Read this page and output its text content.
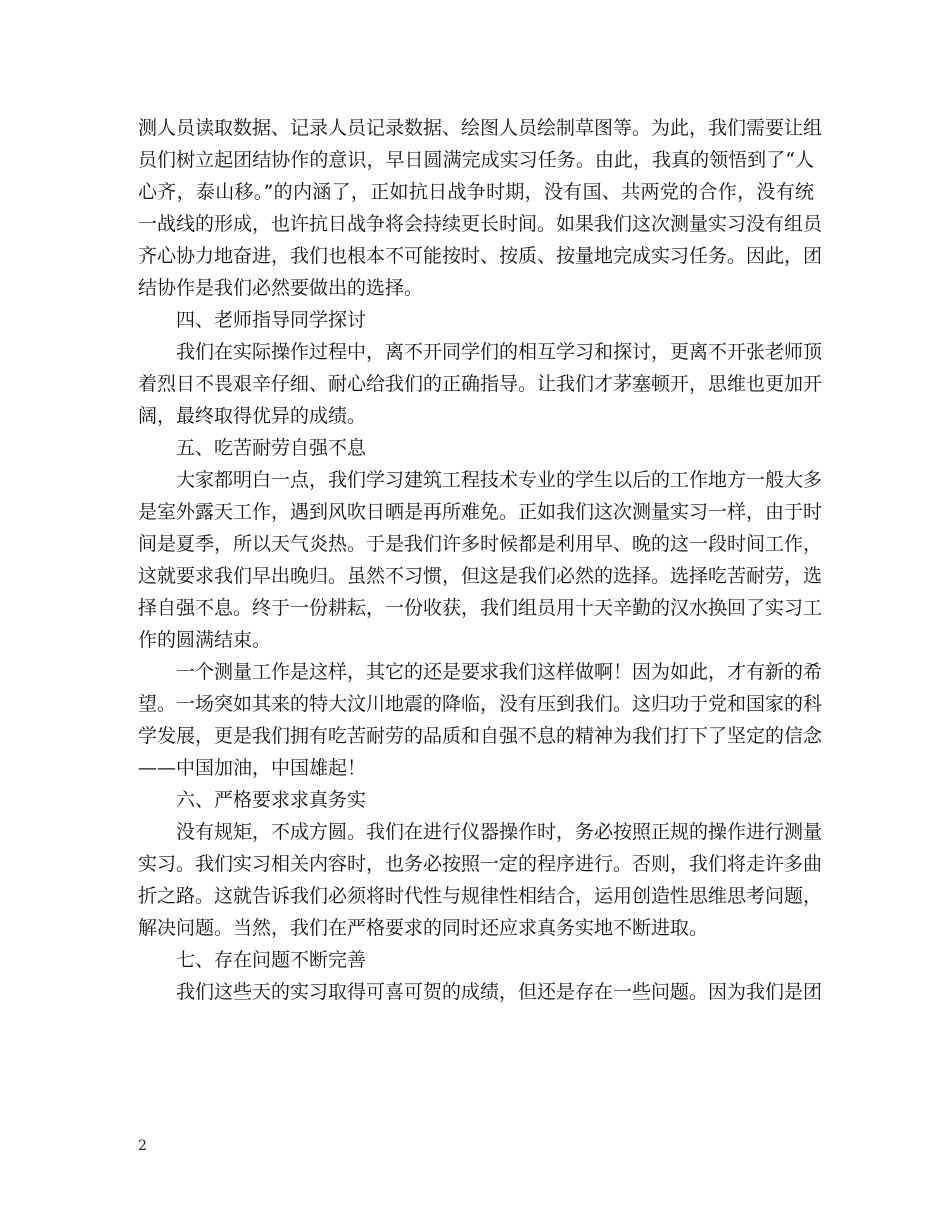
测人员读取数据、记录人员记录数据、绘图人员绘制草图等。为此，我们需要让组
员们树立起团结协作的意识，早日圆满完成实习任务。由此，我真的领悟到了“人
心齐，泰山移。”的内涵了，正如抗日战争时期，没有国、共两党的合作，没有统
一战线的形成，也许抗日战争将会持续更长时间。如果我们这次测量实习没有组员
齐心协力地奋进，我们也根本不可能按时、按质、按量地完成实习任务。因此，团
结协作是我们必然要做出的选择。
四、老师指导同学探讨
我们在实际操作过程中，离不开同学们的相互学习和探讨，更离不开张老师顶
着烈日不畏艰辛仔细、耐心给我们的正确指导。让我们才茅塞顿开，思维也更加开
阔，最终取得优异的成绩。
五、吃苦耐劳自强不息
大家都明白一点，我们学习建筑工程技术专业的学生以后的工作地方一般大多
是室外露天工作，遇到风吹日晒是再所难免。正如我们这次测量实习一样，由于时
间是夏季，所以天气炎热。于是我们许多时候都是利用早、晚的这一段时间工作，
这就要求我们早出晚归。虽然不习惯，但这是我们必然的选择。选择吃苦耐劳，选
择自强不息。终于一份耕耘，一份收获，我们组员用十天辛勤的汉水换回了实习工
作的圆满结束。
一个测量工作是这样，其它的还是要求我们这样做啊！因为如此，才有新的希
望。一场突如其来的特大汶川地震的降临，没有压到我们。这归功于党和国家的科
学发展，更是我们拥有吃苦耐劳的品质和自强不息的精神为我们打下了坚定的信念
——中国加油，中国雄起！
六、严格要求求真务实
没有规矩，不成方圆。我们在进行仪器操作时，务必按照正规的操作进行测量
实习。我们实习相关内容时，也务必按照一定的程序进行。否则，我们将走许多曲
折之路。这就告诉我们必须将时代性与规律性相结合，运用创造性思维思考问题，
解决问题。当然，我们在严格要求的同时还应求真务实地不断进取。
七、存在问题不断完善
我们这些天的实习取得可喜可贺的成绩，但还是存在一些问题。因为我们是团
2
